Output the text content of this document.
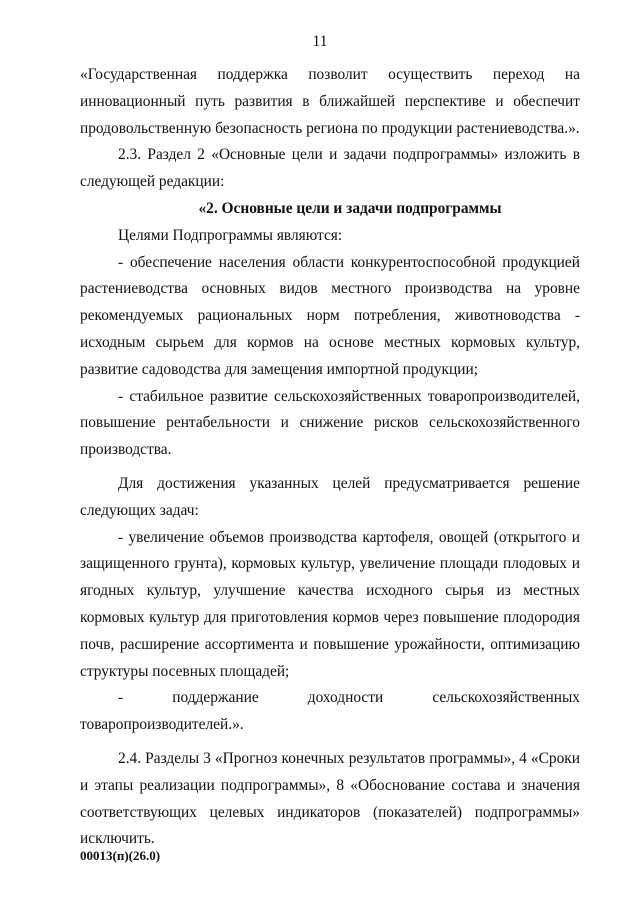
11

«Государственная поддержка позволит осуществить переход на инновационный путь развития в ближайшей перспективе и обеспечит продовольственную безопасность региона по продукции растениеводства.».

2.3. Раздел 2 «Основные цели и задачи подпрограммы» изложить в следующей редакции:

«2. Основные цели и задачи подпрограммы

Целями Подпрограммы являются:

- обеспечение населения области конкурентоспособной продукцией растениеводства основных видов местного производства на уровне рекомендуемых рациональных норм потребления, животноводства - исходным сырьем для кормов на основе местных кормовых культур, развитие садоводства для замещения импортной продукции;

- стабильное развитие сельскохозяйственных товаропроизводителей, повышение рентабельности и снижение рисков сельскохозяйственного производства.

Для достижения указанных целей предусматривается решение следующих задач:

- увеличение объемов производства картофеля, овощей (открытого и защищенного грунта), кормовых культур, увеличение площади плодовых и ягодных культур, улучшение качества исходного сырья из местных кормовых культур для приготовления кормов через повышение плодородия почв, расширение ассортимента и повышение урожайности, оптимизацию структуры посевных площадей;

- поддержание доходности сельскохозяйственных товаропроизводителей.».

2.4. Разделы 3 «Прогноз конечных результатов программы», 4 «Сроки и этапы реализации подпрограммы», 8 «Обоснование состава и значения соответствующих целевых индикаторов (показателей) подпрограммы» исключить.

00013(п)(26.0)
